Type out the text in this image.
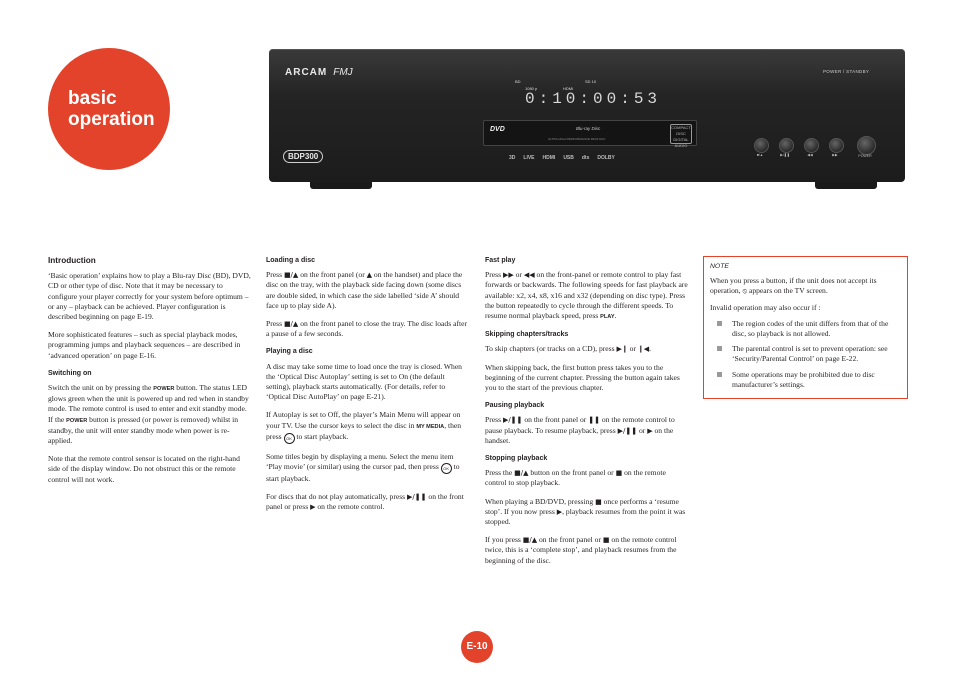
basic
operation
ARCAM FMJ	POWER / STANDBY
BD
1080 p	HDMI
SD 10
0:10:00:53
DVD	Blu-ray Disc
ULTRA HIGH PERFORMANCE 96/24 DAC
COMPACT DISC DIGITAL AUDIO
BDP300	3D LIVE HDMI USB dts DOLBY	■/▲	▶/❚❚	◀◀	▶▶	POWER
Introduction

‘Basic operation’ explains how to play a Blu-ray Disc (BD), DVD, CD or other type of disc. Note that it may be necessary to configure your player correctly for your system before optimum – or any – playback can be achieved. Player configuration is described beginning on page E-19.

More sophisticated features – such as special playback modes, programming jumps and playback sequences – are described in ‘advanced operation’ on page E-16.

Switching on

Switch the unit on by pressing the POWER button. The status LED glows green when the unit is powered up and red when in standby mode. The remote control is used to enter and exit standby mode. If the POWER button is pressed (or power is removed) whilst in standby, the unit will enter standby mode when power is re-applied.

Note that the remote control sensor is located on the right-hand side of the display window. Do not obstruct this or the remote control will not work.

Loading a disc

Press ■/▲ on the front panel (or ▲ on the handset) and place the disc on the tray, with the playback side facing down (some discs are double sided, in which case the side labelled ‘side A’ should face up to play side A).

Press ■/▲ on the front panel to close the tray. The disc loads after a pause of a few seconds.

Playing a disc

A disc may take some time to load once the tray is closed. When the ‘Optical Disc Autoplay’ setting is set to On (the default setting), playback starts automatically. (For details, refer to ‘Optical Disc AutoPlay’ on page E-21).

If Autoplay is set to Off, the player’s Main Menu will appear on your TV. Use the cursor keys to select the disc in MY MEDIA, then press OK to start playback.

Some titles begin by displaying a menu. Select the menu item ‘Play movie’ (or similar) using the cursor pad, then press OK to start playback.

For discs that do not play automatically, press ▶/❚❚ on the front panel or press ▶ on the remote control.

Fast play

Press ▶▶ or ◀◀ on the front-panel or remote control to play fast forwards or backwards. The following speeds for fast playback are available: x2, x4, x8, x16 and x32 (depending on disc type). Press the button repeatedly to cycle through the different speeds. To resume normal playback speed, press PLAY.

Skipping chapters/tracks

To skip chapters (or tracks on a CD), press ▶❙ or ❙◀.

When skipping back, the first button press takes you to the beginning of the current chapter. Pressing the button again takes you to the start of the previous chapter.

Pausing playback

Press ▶/❚❚ on the front panel or ❚❚ on the remote control to pause playback. To resume playback, press ▶/❚❚ or ▶ on the handset.

Stopping playback

Press the ■/▲ button on the front panel or ■ on the remote control to stop playback.

When playing a BD/DVD, pressing ■ once performs a ‘resume stop’. If you now press ▶, playback resumes from the point it was stopped.

If you press ■/▲ on the front panel or ■ on the remote control twice, this is a ‘complete stop’, and playback resumes from the beginning of the disc.

NOTE

When you press a button, if the unit does not accept its operation, ⦸ appears on the TV screen.

Invalid operation may also occur if :

The region codes of the unit differs from that of the disc, so playback is not allowed.
The parental control is set to prevent operation: see ‘Security/Parental Control’ on page E-22.
Some operations may be prohibited due to disc manufacturer’s settings.
E-10
